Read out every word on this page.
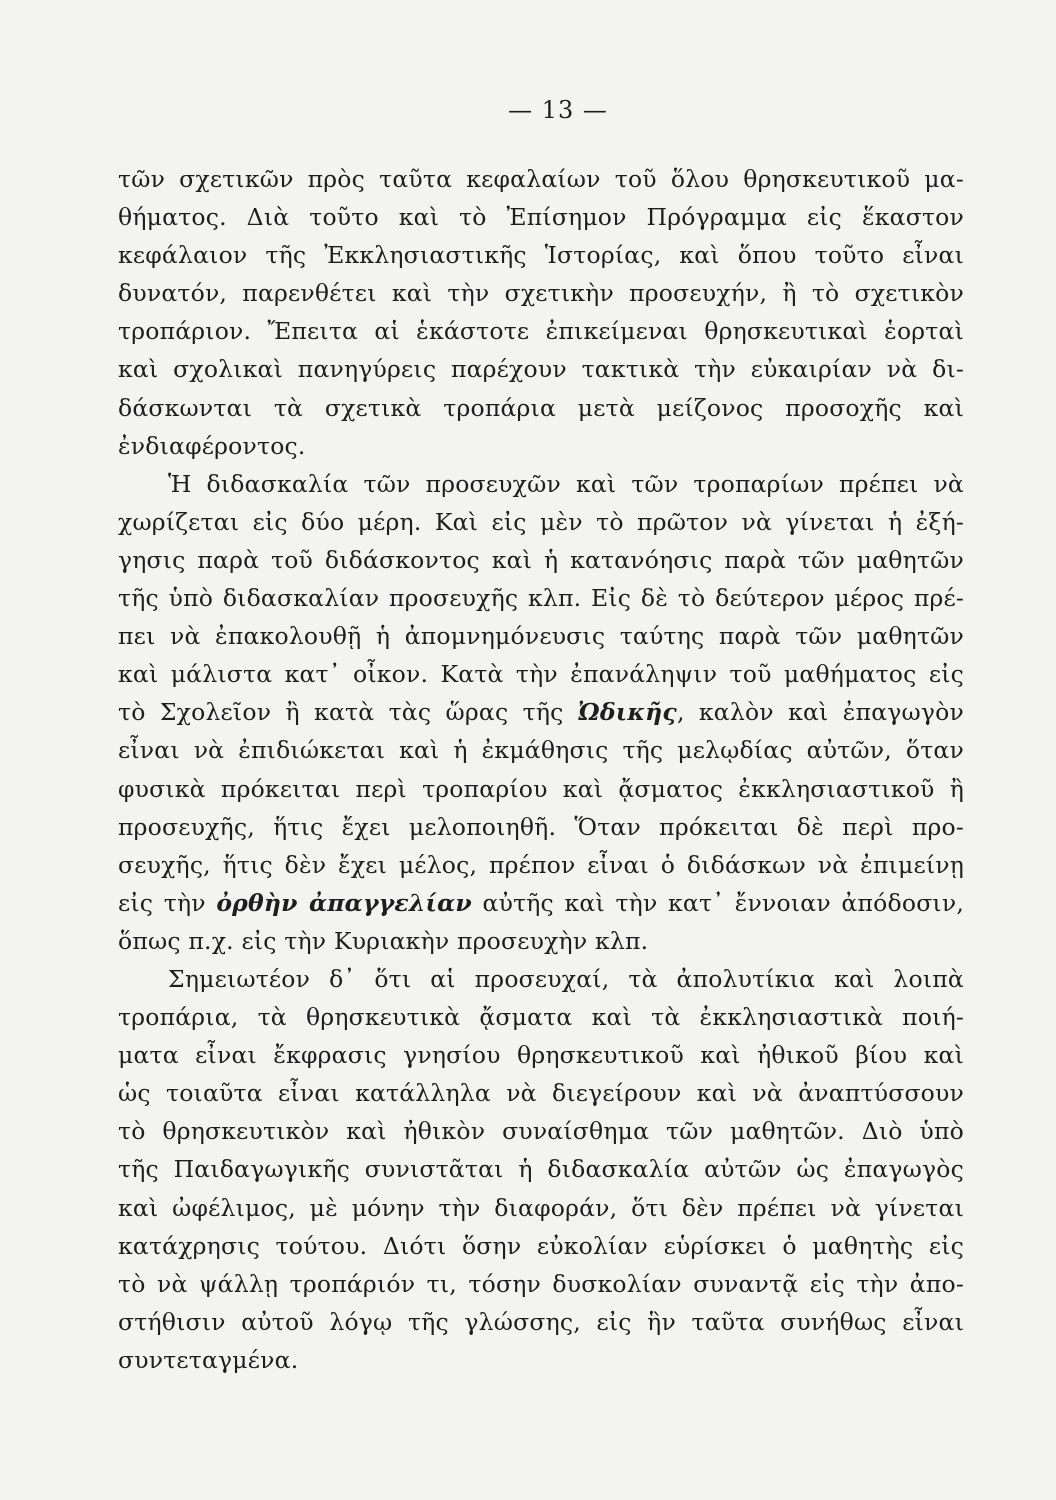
— 13 —
τῶν σχετικῶν πρὸς ταῦτα κεφαλαίων τοῦ ὅλου θρησκευτικοῦ μα-
θήματος. Διὰ τοῦτο καὶ τὸ Ἐπίσημον Πρόγραμμα εἰς ἕκαστον
κεφάλαιον τῆς Ἐκκλησιαστικῆς Ἱστορίας, καὶ ὅπου τοῦτο εἶναι
δυνατόν, παρενθέτει καὶ τὴν σχετικὴν προσευχήν, ἢ τὸ σχετικὸν
τροπάριον. Ἔπειτα αἱ ἑκάστοτε ἐπικείμεναι θρησκευτικαὶ ἑορταὶ
καὶ σχολικαὶ πανηγύρεις παρέχουν τακτικὰ τὴν εὐκαιρίαν νὰ δι-
δάσκωνται τὰ σχετικὰ τροπάρια μετὰ μείζονος προσοχῆς καὶ
ἐνδιαφέροντος.
Ἡ διδασκαλία τῶν προσευχῶν καὶ τῶν τροπαρίων πρέπει νὰ
χωρίζεται εἰς δύο μέρη. Καὶ εἰς μὲν τὸ πρῶτον νὰ γίνεται ἡ ἐξή-
γησις παρὰ τοῦ διδάσκοντος καὶ ἡ κατανόησις παρὰ τῶν μαθητῶν
τῆς ὑπὸ διδασκαλίαν προσευχῆς κλπ. Εἰς δὲ τὸ δεύτερον μέρος πρέ-
πει νὰ ἐπακολουθῇ ἡ ἀπομνημόνευσις ταύτης παρὰ τῶν μαθητῶν
καὶ μάλιστα κατ᾽ οἶκον. Κατὰ τὴν ἐπανάληψιν τοῦ μαθήματος εἰς
τὸ Σχολεῖον ἢ κατὰ τὰς ὥρας τῆς Ὠδικῆς, καλὸν καὶ ἐπαγωγὸν
εἶναι νὰ ἐπιδιώκεται καὶ ἡ ἐκμάθησις τῆς μελῳδίας αὐτῶν, ὅταν
φυσικὰ πρόκειται περὶ τροπαρίου καὶ ᾄσματος ἐκκλησιαστικοῦ ἢ
προσευχῆς, ἥτις ἔχει μελοποιηθῆ. Ὅταν πρόκειται δὲ περὶ προ-
σευχῆς, ἥτις δὲν ἔχει μέλος, πρέπον εἶναι ὁ διδάσκων νὰ ἐπιμείνῃ
εἰς τὴν ὀρθὴν ἀπαγγελίαν αὐτῆς καὶ τὴν κατ᾽ ἔννοιαν ἀπόδοσιν,
ὅπως π.χ. εἰς τὴν Κυριακὴν προσευχὴν κλπ.
Σημειωτέον δ᾽ ὅτι αἱ προσευχαί, τὰ ἀπολυτίκια καὶ λοιπὰ
τροπάρια, τὰ θρησκευτικὰ ᾄσματα καὶ τὰ ἐκκλησιαστικὰ ποιή-
ματα εἶναι ἔκφρασις γνησίου θρησκευτικοῦ καὶ ἠθικοῦ βίου καὶ
ὡς τοιαῦτα εἶναι κατάλληλα νὰ διεγείρουν καὶ νὰ ἀναπτύσσουν
τὸ θρησκευτικὸν καὶ ἠθικὸν συναίσθημα τῶν μαθητῶν. Διὸ ὑπὸ
τῆς Παιδαγωγικῆς συνιστᾶται ἡ διδασκαλία αὐτῶν ὡς ἐπαγωγὸς
καὶ ὠφέλιμος, μὲ μόνην τὴν διαφοράν, ὅτι δὲν πρέπει νὰ γίνεται
κατάχρησις τούτου. Διότι ὅσην εὐκολίαν εὑρίσκει ὁ μαθητὴς εἰς
τὸ νὰ ψάλλῃ τροπάριόν τι, τόσην δυσκολίαν συναντᾷ εἰς τὴν ἀπο-
στήθισιν αὐτοῦ λόγῳ τῆς γλώσσης, εἰς ἣν ταῦτα συνήθως εἶναι
συντεταγμένα.
